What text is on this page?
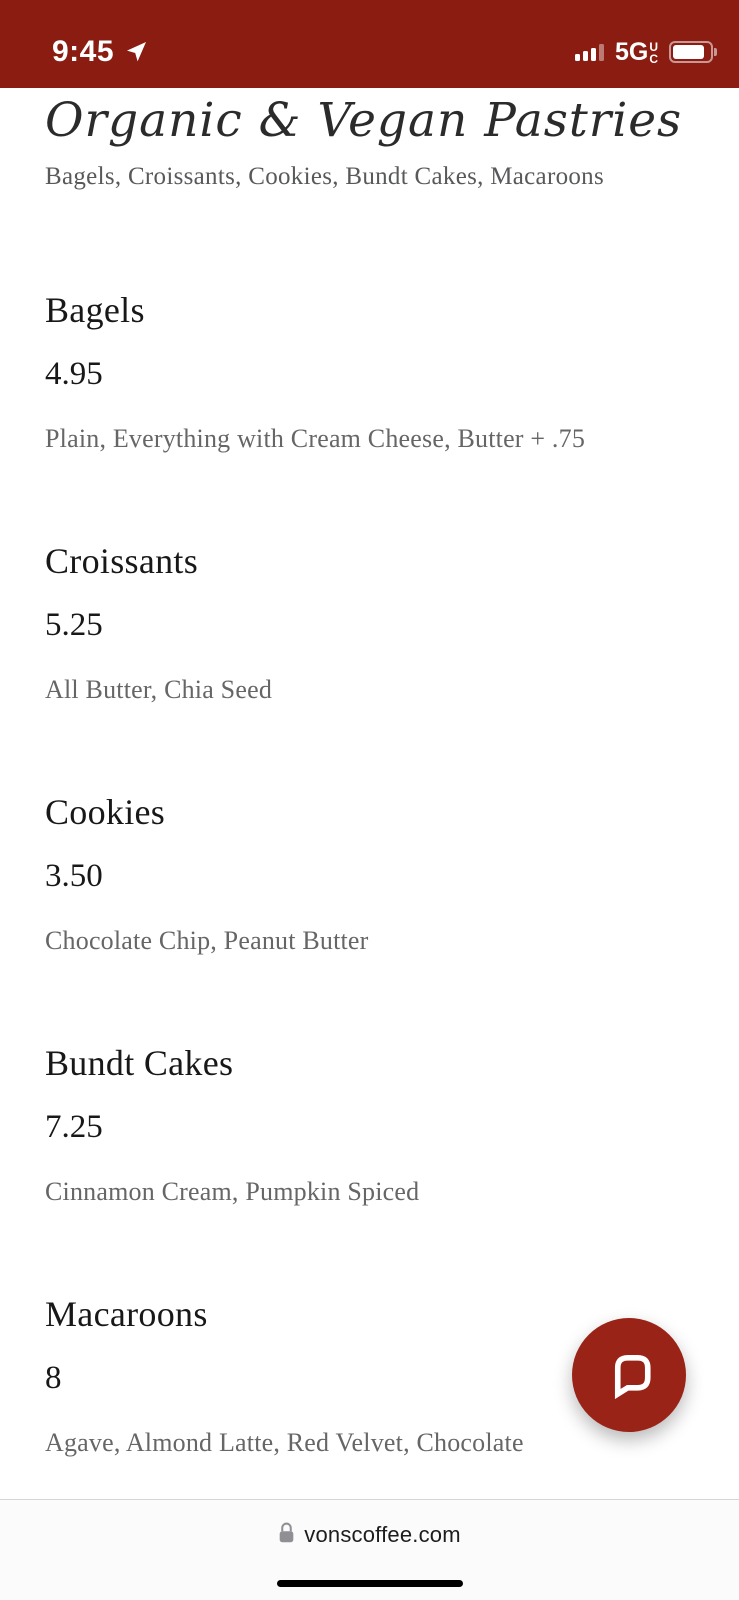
9:45	5G U
C
Organic & Vegan Pastries

Bagels, Croissants, Cookies, Bundt Cakes, Macaroons

Bagels

4.95

Plain, Everything with Cream Cheese, Butter + .75

Croissants

5.25

All Butter, Chia Seed

Cookies

3.50

Chocolate Chip, Peanut Butter

Bundt Cakes

7.25

Cinnamon Cream, Pumpkin Spiced

Macaroons

8

Agave, Almond Latte, Red Velvet, Chocolate

vonscoffee.com
